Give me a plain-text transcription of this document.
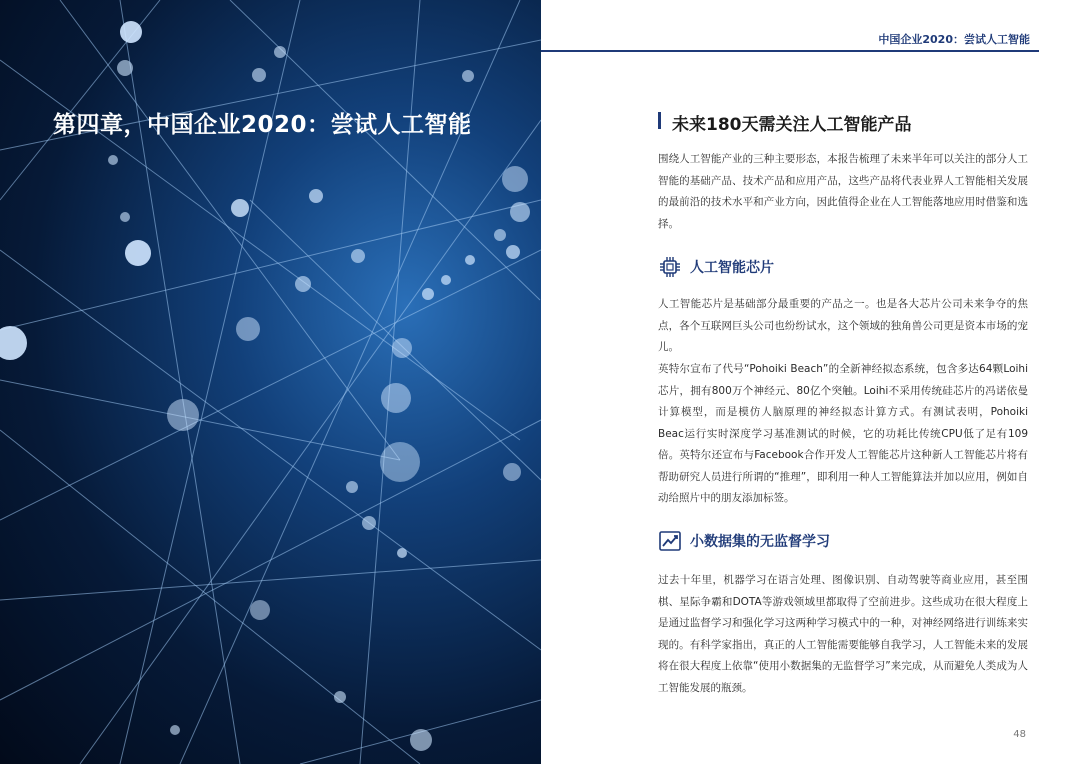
第四章，中国企业2020：尝试人工智能
中国企业2020：尝试人工智能
未来180天需关注人工智能产品

围绕人工智能产业的三种主要形态，本报告梳理了未来半年可以关注的部分人工智能的基础产品、技术产品和应用产品，这些产品将代表业界人工智能相关发展的最前沿的技术水平和产业方向，因此值得企业在人工智能落地应用时借鉴和选择。

人工智能芯片

人工智能芯片是基础部分最重要的产品之一。也是各大芯片公司未来争夺的焦点，各个互联网巨头公司也纷纷试水，这个领域的独角兽公司更是资本市场的宠儿。

英特尔宣布了代号“Pohoiki Beach”的全新神经拟态系统，包含多达64颗Loihi芯片，拥有800万个神经元、80亿个突触。Loihi不采用传统硅芯片的冯诺依曼计算模型，而是模仿人脑原理的神经拟态计算方式。有测试表明，Pohoiki Beac运行实时深度学习基准测试的时候，它的功耗比传统CPU低了足有109倍。英特尔还宣布与Facebook合作开发人工智能芯片这种新人工智能芯片将有帮助研究人员进行所谓的“推理”，即利用一种人工智能算法并加以应用，例如自动给照片中的朋友添加标签。

小数据集的无监督学习

过去十年里，机器学习在语言处理、图像识别、自动驾驶等商业应用，甚至围棋、星际争霸和DOTA等游戏领域里都取得了空前进步。这些成功在很大程度上是通过监督学习和强化学习这两种学习模式中的一种，对神经网络进行训练来实现的。有科学家指出，真正的人工智能需要能够自我学习，人工智能未来的发展将在很大程度上依靠“使用小数据集的无监督学习”来完成，从而避免人类成为人工智能发展的瓶颈。

48
